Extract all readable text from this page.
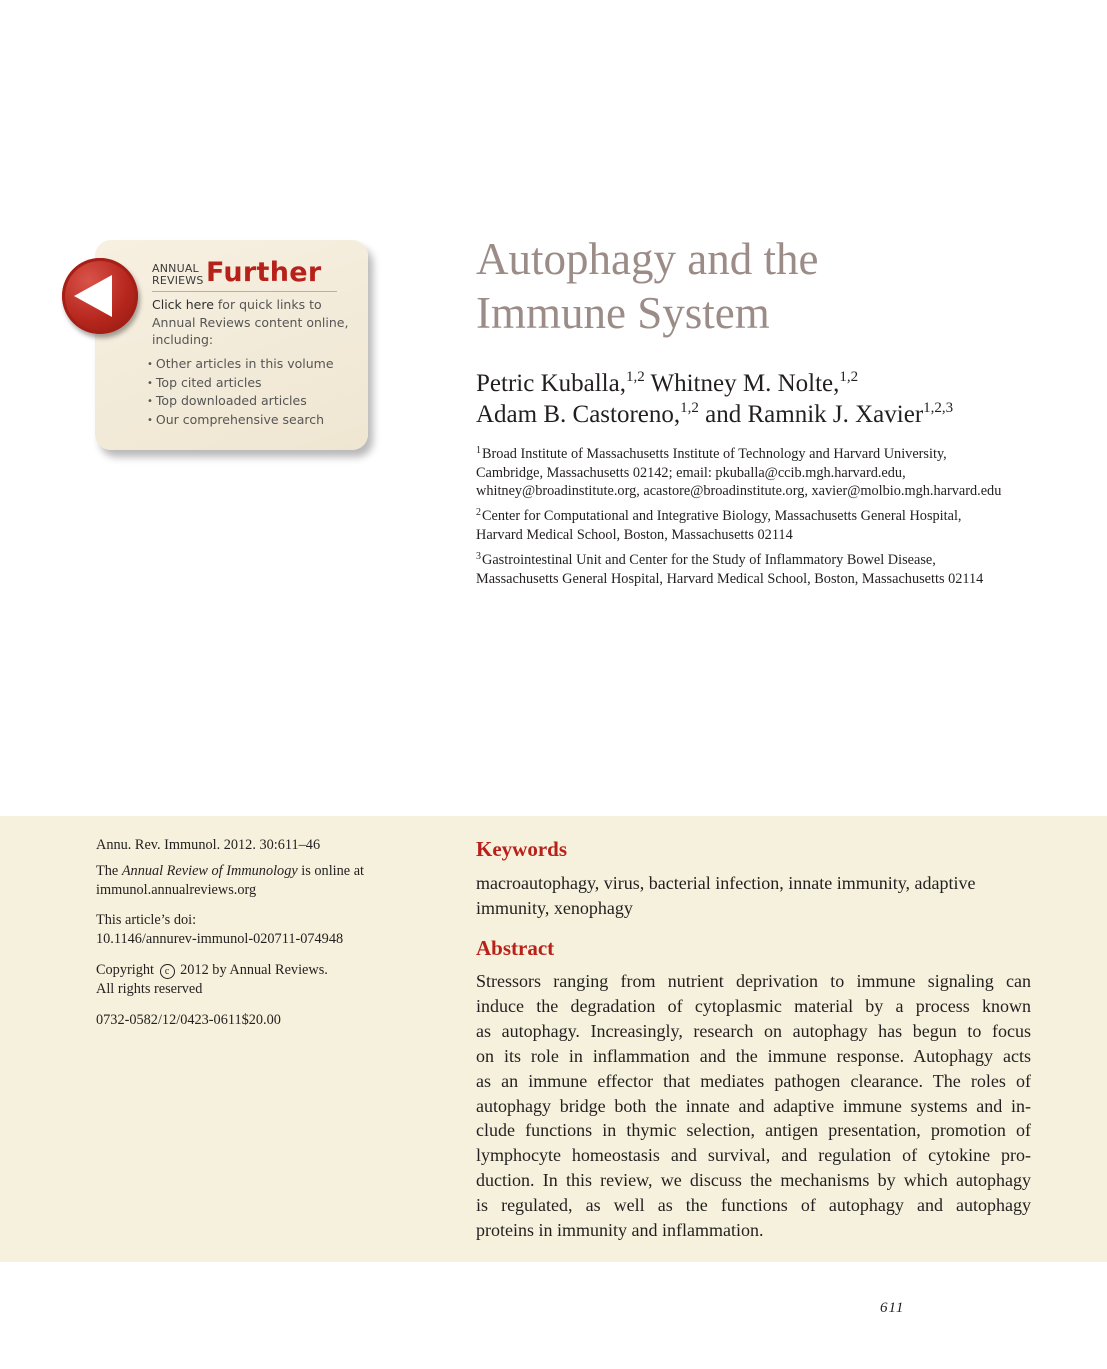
ANNUAL
REVIEWS Further
Click here for quick links to Annual Reviews content online, including:
• Other articles in this volume
• Top cited articles
• Top downloaded articles
• Our comprehensive search
Autophagy and the
Immune System
Petric Kuballa,$^{1,2}$ Whitney M. Nolte,$^{1,2}$
Adam B. Castoreno,$^{1,2}$ and Ramnik J. Xavier$^{1,2,3}$
$^1$Broad Institute of Massachusetts Institute of Technology and Harvard University,
Cambridge, Massachusetts 02142; email: pkuballa@ccib.mgh.harvard.edu,
whitney@broadinstitute.org, acastore@broadinstitute.org, xavier@molbio.mgh.harvard.edu
$^2$Center for Computational and Integrative Biology, Massachusetts General Hospital,
Harvard Medical School, Boston, Massachusetts 02114
$^3$Gastrointestinal Unit and Center for the Study of Inflammatory Bowel Disease,
Massachusetts General Hospital, Harvard Medical School, Boston, Massachusetts 02114
Annu. Rev. Immunol. 2012. 30:611–46
The Annual Review of Immunology is online at
immunol.annualreviews.org
This article’s doi:
10.1146/annurev-immunol-020711-074948
Copyright c 2012 by Annual Reviews.
All rights reserved
0732-0582/12/0423-0611$20.00
Keywords
macroautophagy, virus, bacterial infection, innate immunity, adaptive
immunity, xenophagy
Abstract
Stressors ranging from nutrient deprivation to immune signaling can
induce the degradation of cytoplasmic material by a process known
as autophagy. Increasingly, research on autophagy has begun to focus
on its role in inflammation and the immune response. Autophagy acts
as an immune effector that mediates pathogen clearance. The roles of
autophagy bridge both the innate and adaptive immune systems and in-
clude functions in thymic selection, antigen presentation, promotion of
lymphocyte homeostasis and survival, and regulation of cytokine pro-
duction. In this review, we discuss the mechanisms by which autophagy
is regulated, as well as the functions of autophagy and autophagy
proteins in immunity and inflammation.
611
